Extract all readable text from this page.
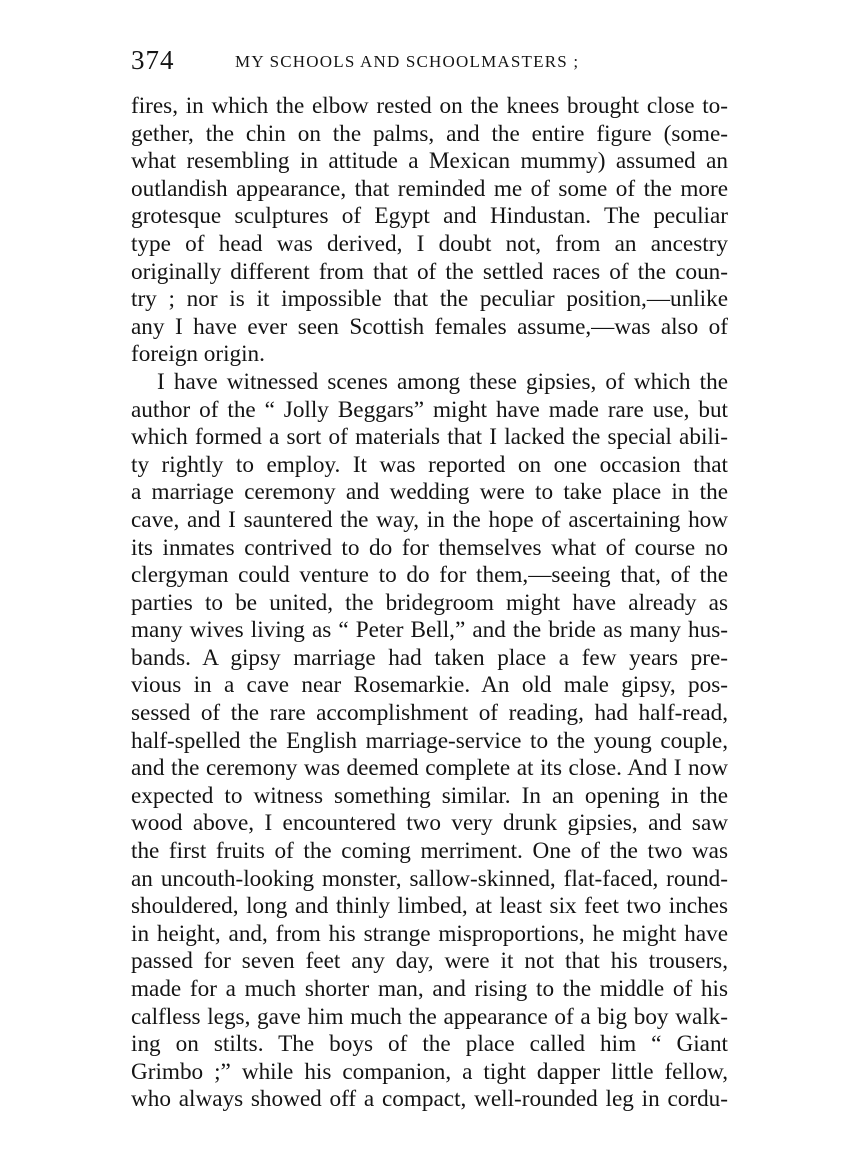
374	MY SCHOOLS AND SCHOOLMASTERS ;
fires, in which the elbow rested on the knees brought close to-
gether, the chin on the palms, and the entire figure (some-
what resembling in attitude a Mexican mummy) assumed an
outlandish appearance, that reminded me of some of the more
grotesque sculptures of Egypt and Hindustan. The peculiar
type of head was derived, I doubt not, from an ancestry
originally different from that of the settled races of the coun-
try ; nor is it impossible that the peculiar position,—unlike
any I have ever seen Scottish females assume,—was also of
foreign origin.
I have witnessed scenes among these gipsies, of which the
author of the “ Jolly Beggars” might have made rare use, but
which formed a sort of materials that I lacked the special abili-
ty rightly to employ. It was reported on one occasion that
a marriage ceremony and wedding were to take place in the
cave, and I sauntered the way, in the hope of ascertaining how
its inmates contrived to do for themselves what of course no
clergyman could venture to do for them,—seeing that, of the
parties to be united, the bridegroom might have already as
many wives living as “ Peter Bell,” and the bride as many hus-
bands. A gipsy marriage had taken place a few years pre-
vious in a cave near Rosemarkie. An old male gipsy, pos-
sessed of the rare accomplishment of reading, had half-read,
half-spelled the English marriage-service to the young couple,
and the ceremony was deemed complete at its close. And I now
expected to witness something similar. In an opening in the
wood above, I encountered two very drunk gipsies, and saw
the first fruits of the coming merriment. One of the two was
an uncouth-looking monster, sallow-skinned, flat-faced, round-
shouldered, long and thinly limbed, at least six feet two inches
in height, and, from his strange misproportions, he might have
passed for seven feet any day, were it not that his trousers,
made for a much shorter man, and rising to the middle of his
calfless legs, gave him much the appearance of a big boy walk-
ing on stilts. The boys of the place called him “ Giant
Grimbo ;” while his companion, a tight dapper little fellow,
who always showed off a compact, well-rounded leg in cordu-
